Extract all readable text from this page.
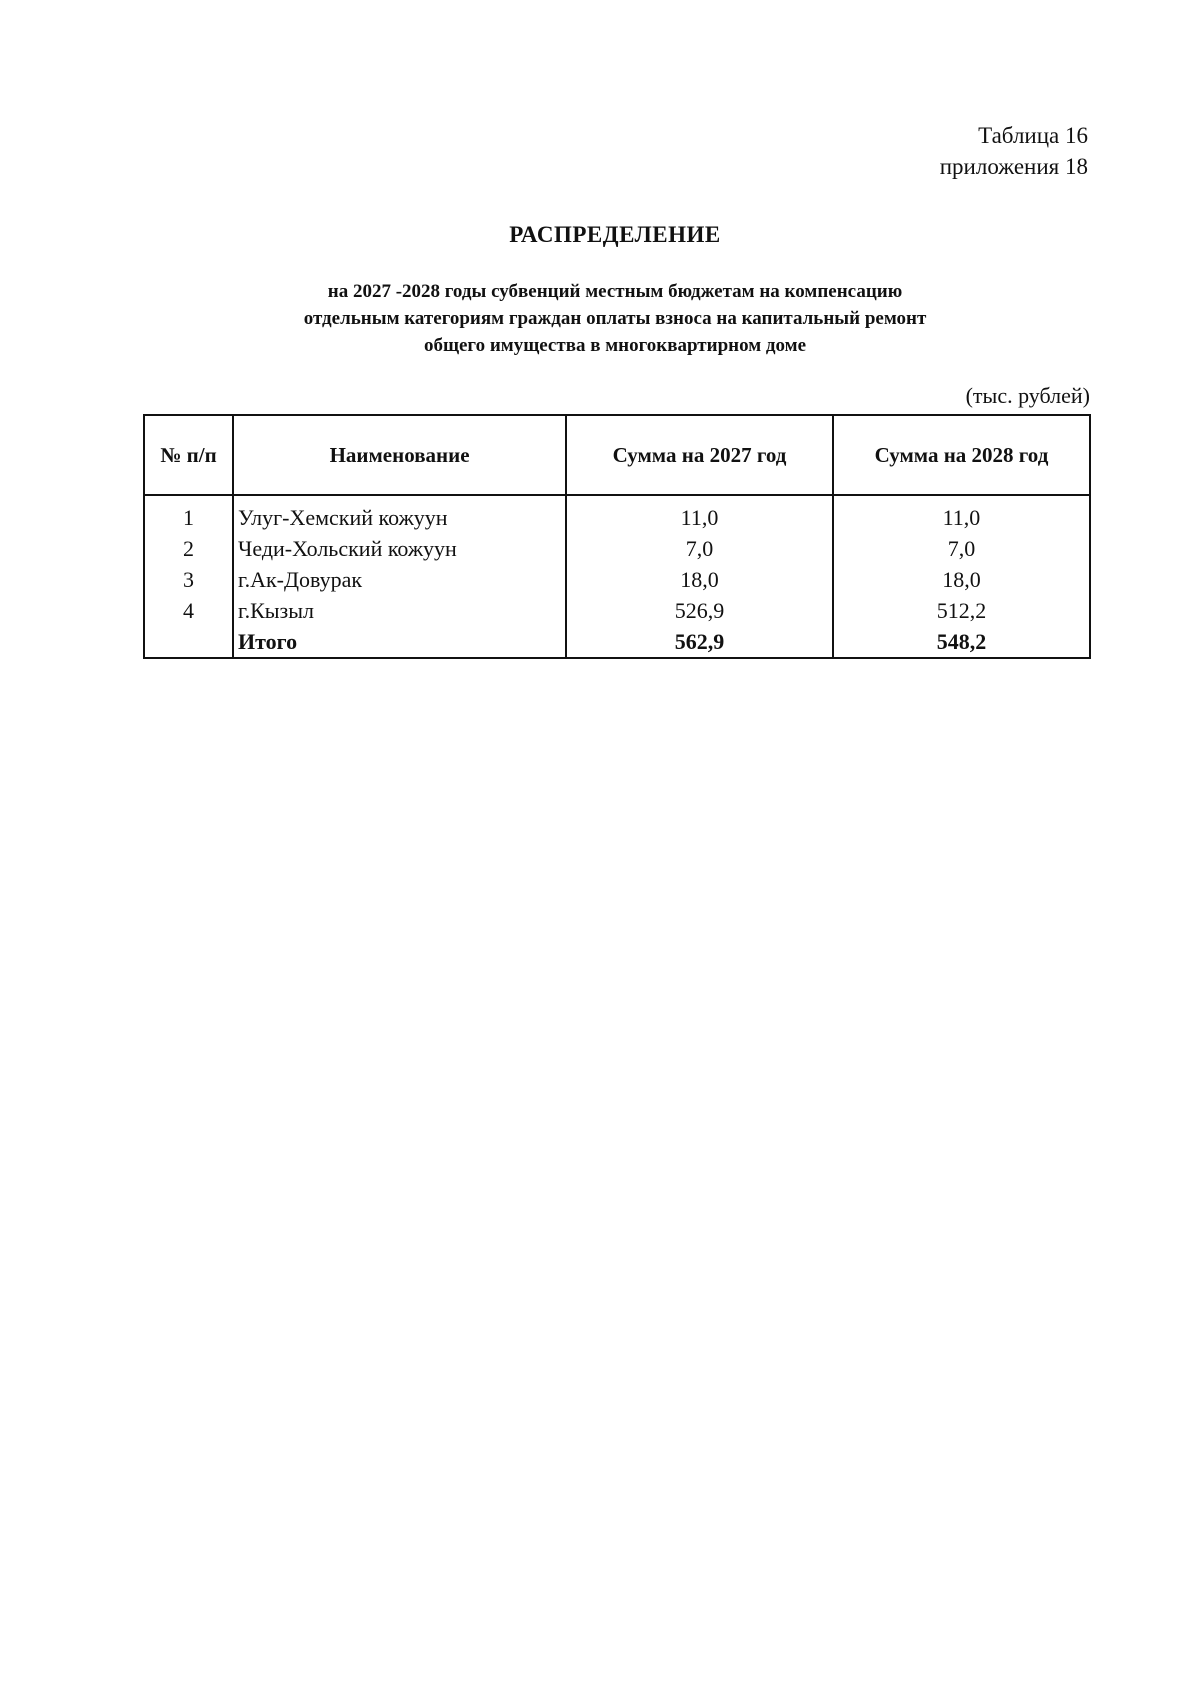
Таблица 16
приложения 18
РАСПРЕДЕЛЕНИЕ
на 2027 -2028 годы субвенций местным бюджетам на компенсацию
отдельным категориям граждан оплаты взноса на капитальный ремонт
общего имущества в многоквартирном доме
(тыс. рублей)
№ п/п	Наименование	Сумма на 2027 год	Сумма на 2028 год
1	Улуг-Хемский кожуун	11,0	11,0
2	Чеди-Хольский кожуун	7,0	7,0
3	г.Ак-Довурак	18,0	18,0
4	г.Кызыл	526,9	512,2
	Итого	562,9	548,2
